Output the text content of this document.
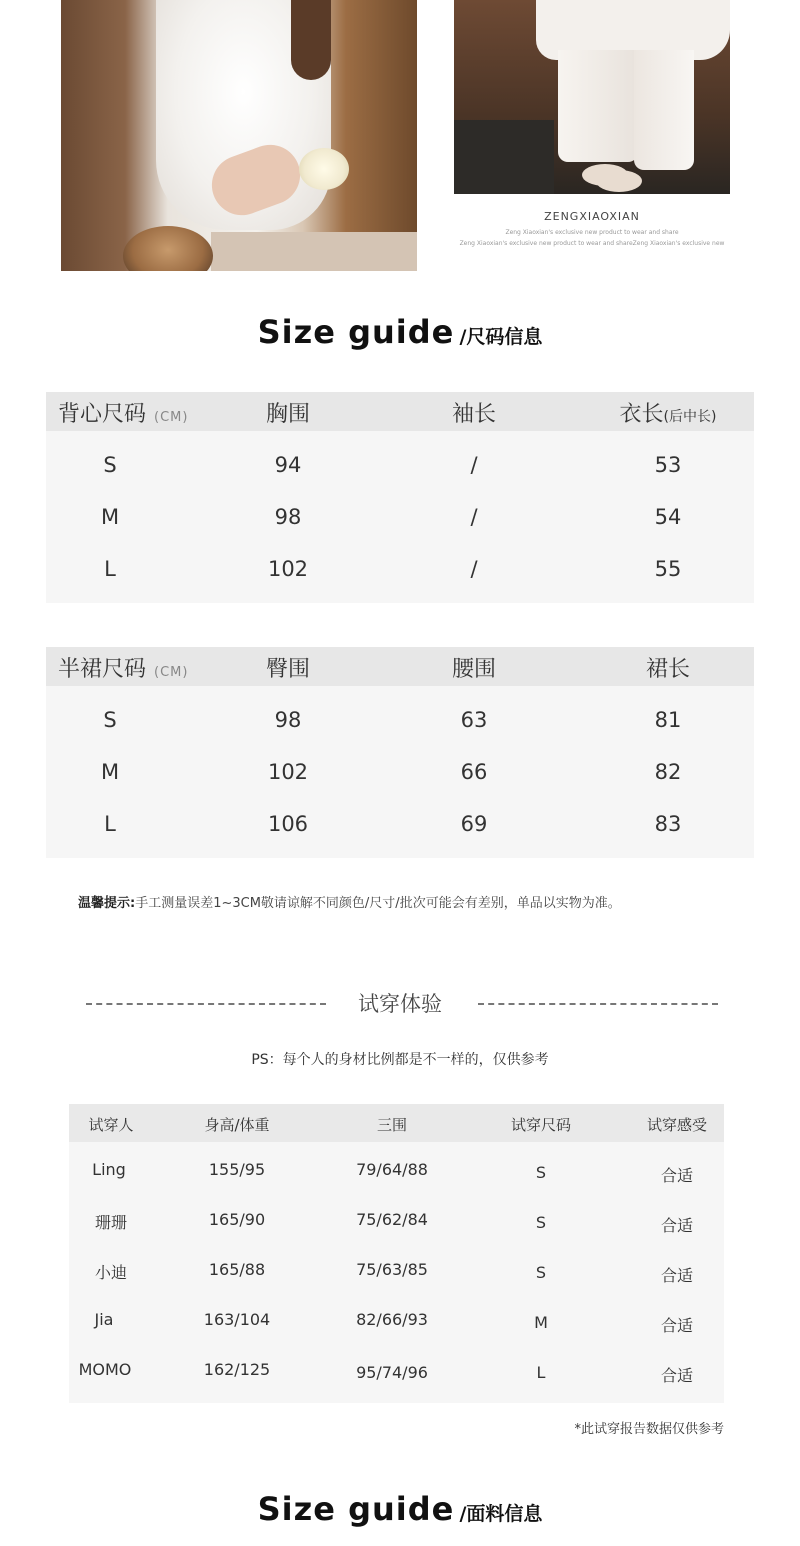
ZENGXIAOXIAN
Zeng Xiaoxian's exclusive new product to wear and share
Zeng Xiaoxian's exclusive new product to wear and shareZeng Xiaoxian's exclusive new
Size guide /尺码信息
背心尺码 (CM)	胸围	袖长	衣长(后中长)
S	94	/	53
M	98	/	54
L	102	/	55
半裙尺码 (CM)	臀围	腰围	裙长
S	98	63	81
M	102	66	82
L	106	69	83
温馨提示:手工测量误差1~3CM敬请谅解不同颜色/尺寸/批次可能会有差别，单品以实物为准。
试穿体验
PS：每个人的身材比例都是不一样的，仅供参考
试穿人	身高/体重	三围	试穿尺码	试穿感受
Ling	155/95	79/64/88	S	合适
珊珊	165/90	75/62/84	S	合适
小迪	165/88	75/63/85	S	合适
Jia	163/104	82/66/93	M	合适
MOMO	162/125	95/74/96	L	合适
*此试穿报告数据仅供参考
Size guide /面料信息
